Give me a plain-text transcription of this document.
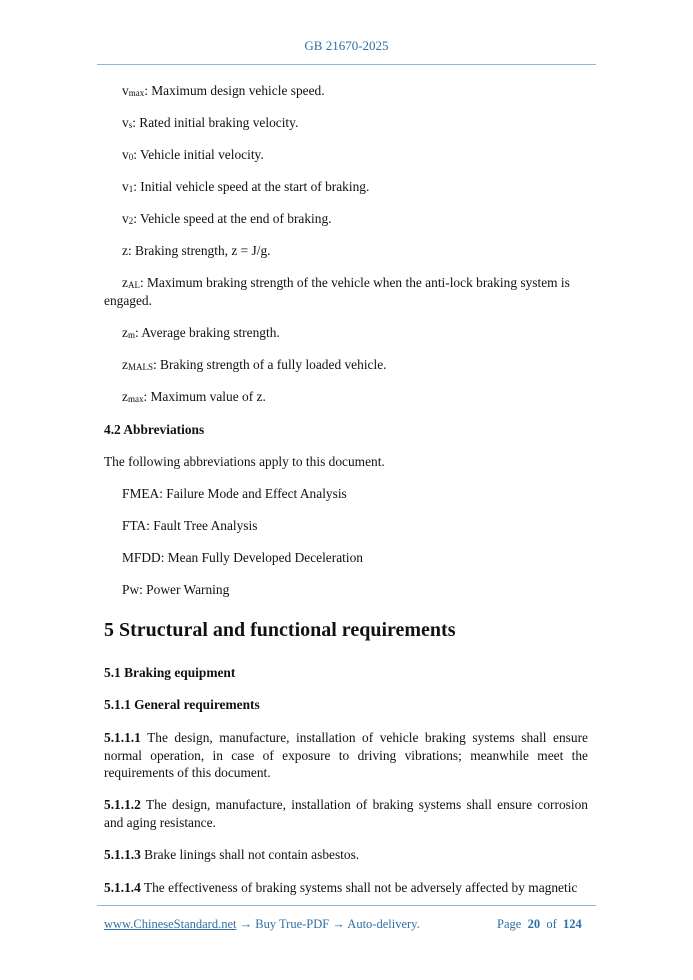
GB 21670-2025
vmax: Maximum design vehicle speed.
vs: Rated initial braking velocity.
v0: Vehicle initial velocity.
v1: Initial vehicle speed at the start of braking.
v2: Vehicle speed at the end of braking.
z: Braking strength, z = J/g.
zAL: Maximum braking strength of the vehicle when the anti-lock braking system is
engaged.
zm: Average braking strength.
zMALS: Braking strength of a fully loaded vehicle.
zmax: Maximum value of z.
4.2 Abbreviations
The following abbreviations apply to this document.
FMEA: Failure Mode and Effect Analysis
FTA: Fault Tree Analysis
MFDD: Mean Fully Developed Deceleration
Pw: Power Warning
5 Structural and functional requirements
5.1 Braking equipment
5.1.1 General requirements
5.1.1.1 The design, manufacture, installation of vehicle braking systems shall ensure normal operation, in case of exposure to driving vibrations; meanwhile meet the requirements of this document.
5.1.1.2 The design, manufacture, installation of braking systems shall ensure corrosion and aging resistance.
5.1.1.3 Brake linings shall not contain asbestos.
5.1.1.4 The effectiveness of braking systems shall not be adversely affected by magnetic
www.ChineseStandard.net → Buy True-PDF → Auto-delivery.	Page 20 of 124
